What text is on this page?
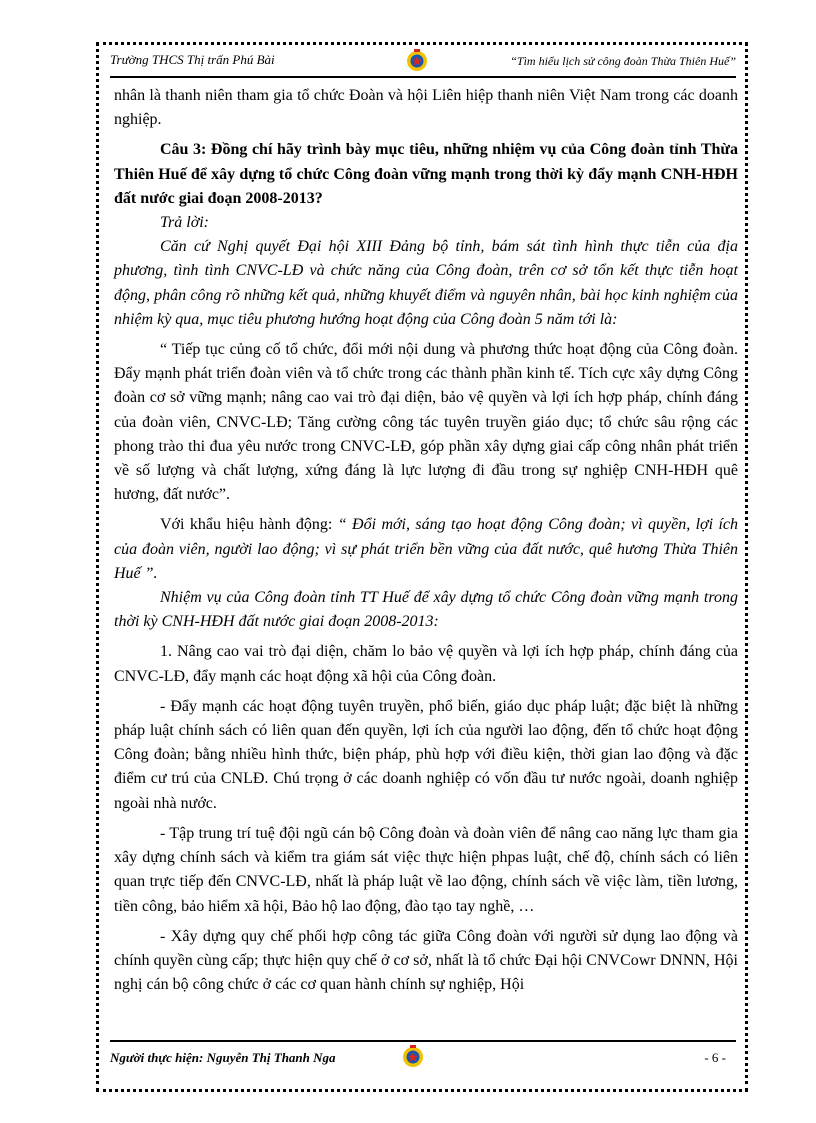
Trường THCS Thị trấn Phú Bài	“Tìm hiểu lịch sử công đoàn Thừa Thiên Huế”

nhân là thanh niên tham gia tổ chức Đoàn và hội Liên hiệp thanh niên Việt Nam trong các doanh nghiệp.

Câu 3: Đồng chí hãy trình bày mục tiêu, những nhiệm vụ của Công đoàn tỉnh Thừa Thiên Huế để xây dựng tổ chức Công đoàn vững mạnh trong thời kỳ đẩy mạnh CNH-HĐH đất nước giai đoạn 2008-2013?

Trả lời:

Căn cứ Nghị quyết Đại hội XIII Đảng bộ tỉnh, bám sát tình hình thực tiễn của địa phương, tình tình CNVC-LĐ và chức năng của Công đoàn, trên cơ sở tổn kết thực tiễn hoạt động, phân công rõ những kết quả, những khuyết điểm và nguyên nhân, bài học kinh nghiệm của nhiệm kỳ qua, mục tiêu phương hướng hoạt động của Công đoàn 5 năm tới là:

“ Tiếp tục củng cố tổ chức, đổi mới nội dung và phương thức hoạt động của Công đoàn. Đẩy mạnh phát triển đoàn viên và tổ chức trong các thành phần kinh tế. Tích cực xây dựng Công đoàn cơ sở vững mạnh; nâng cao vai trò đại diện, bảo vệ quyền và lợi ích hợp pháp, chính đáng của đoàn viên, CNVC-LĐ; Tăng cường công tác tuyên truyền giáo dục; tổ chức sâu rộng các phong trào thi đua yêu nước trong CNVC-LĐ, góp phần xây dựng giai cấp công nhân phát triển về số lượng và chất lượng, xứng đáng là lực lượng đi đầu trong sự nghiệp CNH-HĐH quê hương, đất nước”.

Với khẩu hiệu hành động: “ Đổi mới, sáng tạo hoạt động Công đoàn; vì quyền, lợi ích của đoàn viên, người lao động; vì sự phát triển bền vững của đất nước, quê hương Thừa Thiên Huế ”.

Nhiệm vụ của Công đoàn tỉnh TT Huế để xây dựng tổ chức Công đoàn vững mạnh trong thời kỳ CNH-HĐH đất nước giai đoạn 2008-2013:

1. Nâng cao vai trò đại diện, chăm lo bảo vệ quyền và lợi ích hợp pháp, chính đáng của CNVC-LĐ, đẩy mạnh các hoạt động xã hội của Công đoàn.

- Đẩy mạnh các hoạt động tuyên truyền, phổ biến, giáo dục pháp luật; đặc biệt là những pháp luật chính sách có liên quan đến quyền, lợi ích của người lao động, đến tổ chức hoạt động Công đoàn; bằng nhiều hình thức, biện pháp, phù hợp với điều kiện, thời gian lao động và đặc điểm cư trú của CNLĐ. Chú trọng ở các doanh nghiệp có vốn đầu tư nước ngoài, doanh nghiệp ngoài nhà nước.

- Tập trung trí tuệ đội ngũ cán bộ Công đoàn và đoàn viên để nâng cao năng lực tham gia xây dựng chính sách và kiểm tra giám sát việc thực hiện phpas luật, chế độ, chính sách có liên quan trực tiếp đến CNVC-LĐ, nhất là pháp luật về lao động, chính sách về việc làm, tiền lương, tiền công, bảo hiểm xã hội, Bảo hộ lao động, đào tạo tay nghề, …

- Xây dựng quy chế phối hợp công tác giữa Công đoàn với người sử dụng lao động và chính quyền cùng cấp; thực hiện quy chế ở cơ sở, nhất là tổ chức Đại hội CNVCowr DNNN, Hội nghị cán bộ công chức ở các cơ quan hành chính sự nghiệp, Hội

Người thực hiện: Nguyễn Thị Thanh Nga	- 6 -
